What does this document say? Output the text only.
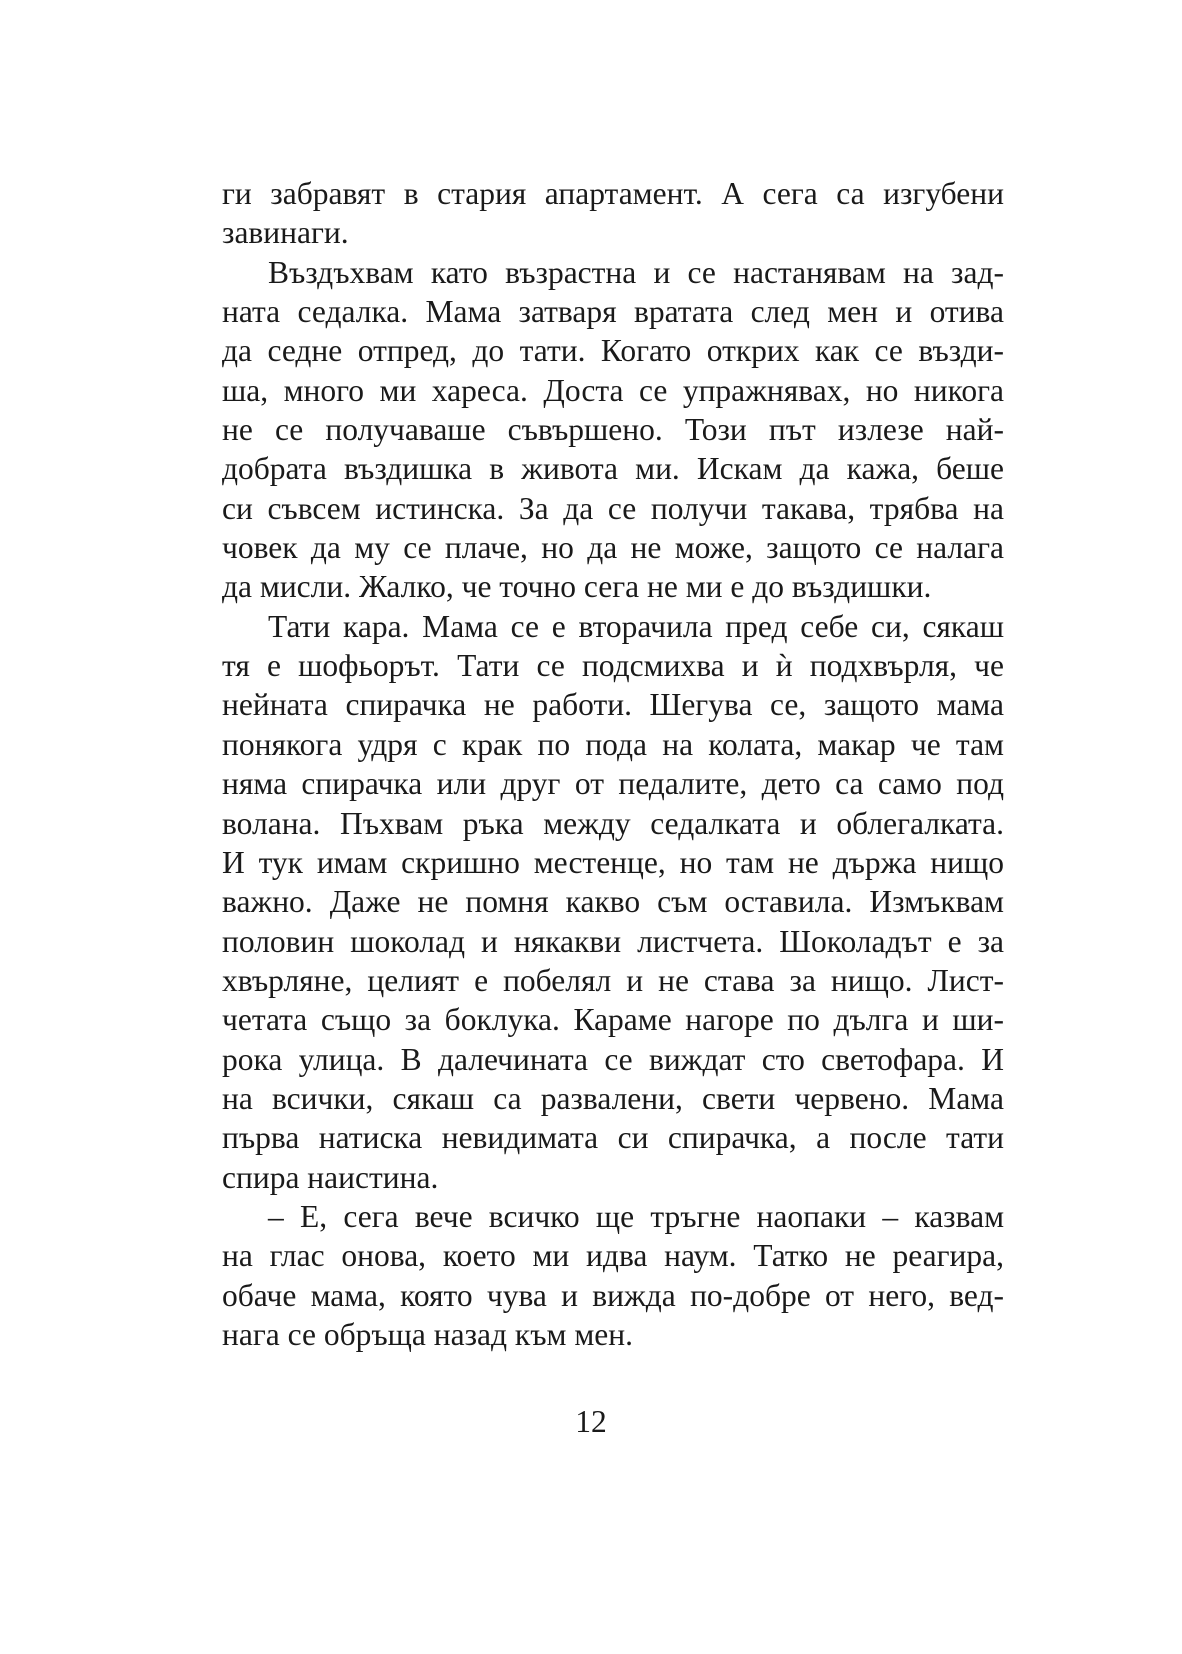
ги забравят в стария апартамент. А сега са изгубени
завинаги.
Въздъхвам като възрастна и се настанявам на зад-
ната седалка. Мама затваря вратата след мен и отива
да седне отпред, до тати. Когато открих как се възди-
ша, много ми хареса. Доста се упражнявах, но никога
не се получаваше съвършено. Този път излезе най-
добрата въздишка в живота ми. Искам да кажа, беше
си съвсем истинска. За да се получи такава, трябва на
човек да му се плаче, но да не може, защото се налага
да мисли. Жалко, че точно сега не ми е до въздишки.
Тати кара. Мама се е вторачила пред себе си, сякаш
тя е шофьорът. Тати се подсмихва и ѝ подхвърля, че
нейната спирачка не работи. Шегува се, защото мама
понякога удря с крак по пода на колата, макар че там
няма спирачка или друг от педалите, дето са само под
волана. Пъхвам ръка между седалката и облегалката.
И тук имам скришно местенце, но там не държа нищо
важно. Даже не помня какво съм оставила. Измъквам
половин шоколад и някакви листчета. Шоколадът е за
хвърляне, целият е побелял и не става за нищо. Лист-
четата също за боклука. Караме нагоре по дълга и ши-
рока улица. В далечината се виждат сто светофара. И
на всички, сякаш са развалени, свети червено. Мама
първа натиска невидимата си спирачка, а после тати
спира наистина.
– Е, сега вече всичко ще тръгне наопаки – казвам
на глас онова, което ми идва наум. Татко не реагира,
обаче мама, която чува и вижда по-добре от него, вед-
нага се обръща назад към мен.
12
